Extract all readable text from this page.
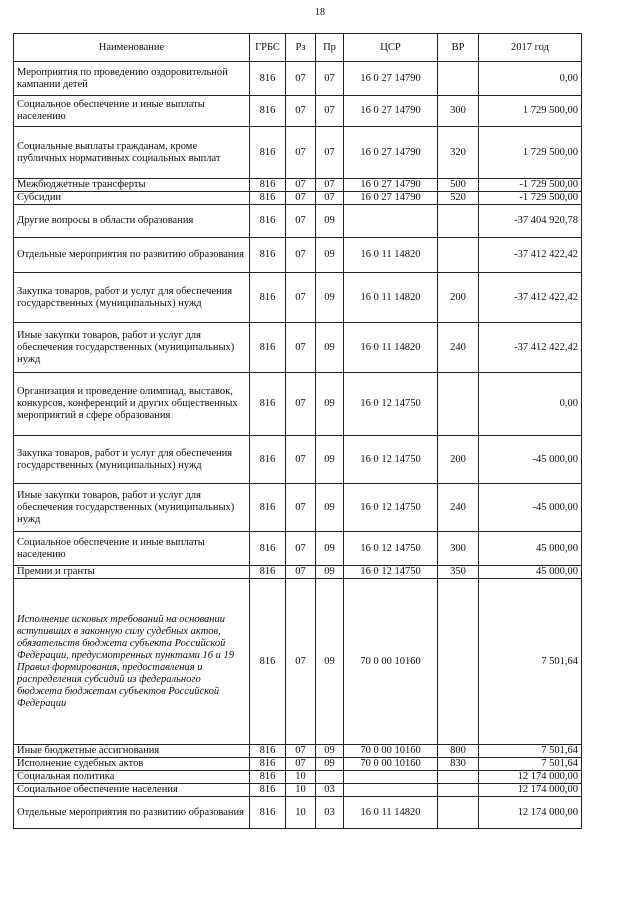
18
Наименование	ГРБС	Рз	Пр	ЦСР	ВР	2017 год
Мероприятия по проведению оздоровительной кампании детей	816	07	07	16 0 27 14790		0,00
Социальное обеспечение и иные выплаты населению	816	07	07	16 0 27 14790	300	1 729 500,00
Социальные выплаты гражданам, кроме публичных нормативных социальных выплат	816	07	07	16 0 27 14790	320	1 729 500,00
Межбюджетные трансферты	816	07	07	16 0 27 14790	500	-1 729 500,00
Субсидии	816	07	07	16 0 27 14790	520	-1 729 500,00
Другие вопросы в области образования	816	07	09			-37 404 920,78
Отдельные мероприятия по развитию образования	816	07	09	16 0 11 14820		-37 412 422,42
Закупка товаров, работ и услуг для обеспечения государственных (муниципальных) нужд	816	07	09	16 0 11 14820	200	-37 412 422,42
Иные закупки товаров, работ и услуг для обеспечения государственных (муниципальных) нужд	816	07	09	16 0 11 14820	240	-37 412 422,42
Организация и проведение олимпиад, выставок, конкурсов, конференций и других общественных мероприятий в сфере образования	816	07	09	16 0 12 14750		0,00
Закупка товаров, работ и услуг для обеспечения государственных (муниципальных) нужд	816	07	09	16 0 12 14750	200	-45 000,00
Иные закупки товаров, работ и услуг для обеспечения государственных (муниципальных) нужд	816	07	09	16 0 12 14750	240	-45 000,00
Социальное обеспечение и иные выплаты населению	816	07	09	16 0 12 14750	300	45 000,00
Премии и гранты	816	07	09	16 0 12 14750	350	45 000,00
Исполнение исковых требований на основании вступивших в законную силу судебных актов, обязательств бюджета субъекта Российской Федерации, предусмотренных пунктами 16 и 19 Правил формирования, предоставления и распределения субсидий из федерального бюджета бюджетам субъектов Российской Федерации	816	07	09	70 0 00 10160		7 501,64
Иные бюджетные ассигнования	816	07	09	70 0 00 10160	800	7 501,64
Исполнение судебных актов	816	07	09	70 0 00 10160	830	7 501,64
Социальная политика	816	10				12 174 000,00
Социальное обеспечение населения	816	10	03			12 174 000,00
Отдельные мероприятия по развитию образования	816	10	03	16 0 11 14820		12 174 000,00
